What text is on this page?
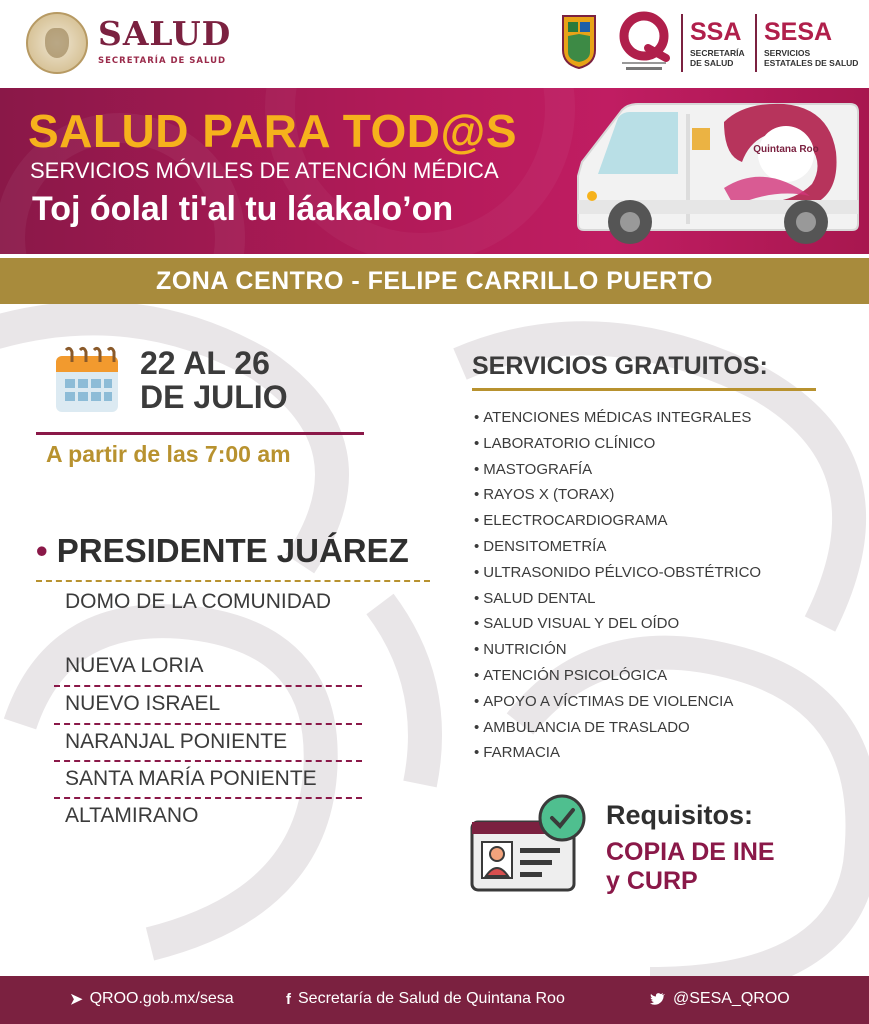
SALUD
SECRETARÍA DE SALUD
SSA
SECRETARÍA DE SALUD
SESA
SERVICIOS ESTATALES DE SALUD
SALUD PARA TOD@S
SERVICIOS MÓVILES DE ATENCIÓN MÉDICA
Toj óolal ti'al tu láakalo’on
Quintana Roo
ZONA CENTRO - FELIPE CARRILLO PUERTO
22 AL 26
DE JULIO
A partir de las 7:00 am
• PRESIDENTE JUÁREZ
DOMO DE LA COMUNIDAD
NUEVA LORIA
NUEVO ISRAEL
NARANJAL PONIENTE
SANTA MARÍA PONIENTE
ALTAMIRANO
SERVICIOS GRATUITOS:
• ATENCIONES MÉDICAS INTEGRALES
• LABORATORIO CLÍNICO
• MASTOGRAFÍA
• RAYOS X (TORAX)
• ELECTROCARDIOGRAMA
• DENSITOMETRÍA
• ULTRASONIDO PÉLVICO-OBSTÉTRICO
• SALUD DENTAL
• SALUD VISUAL Y DEL OÍDO
• NUTRICIÓN
• ATENCIÓN PSICOLÓGICA
• APOYO A VÍCTIMAS DE VIOLENCIA
• AMBULANCIA DE TRASLADO
• FARMACIA
Requisitos:
COPIA DE INE
y CURP
➤ QROO.gob.mx/sesa	f Secretaría de Salud de Quintana Roo	@SESA_QROO
